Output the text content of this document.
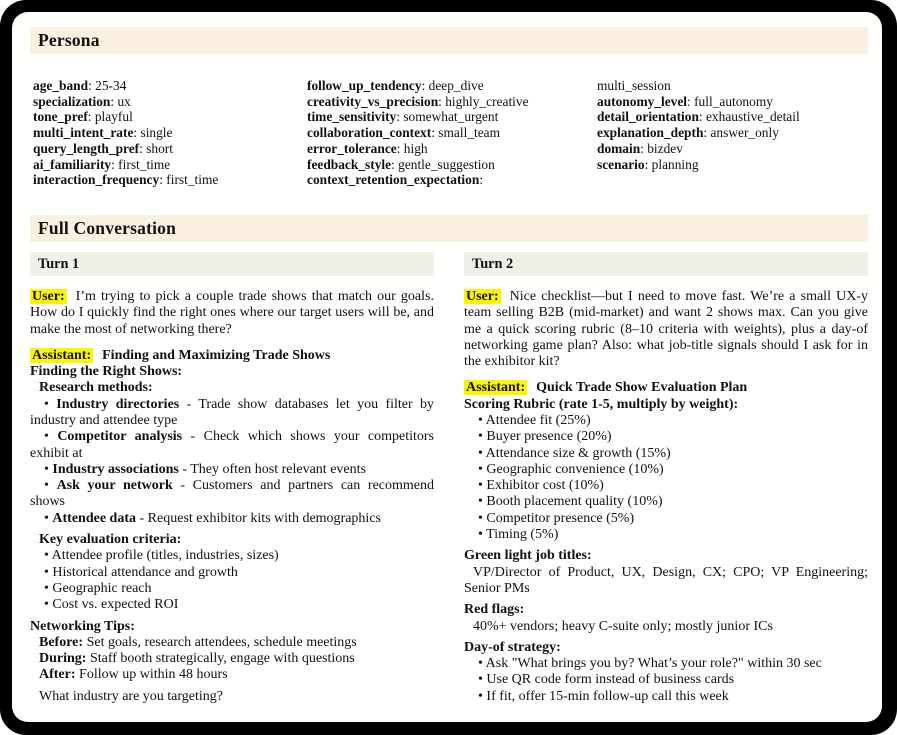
Persona

age_band: 25-34

specialization: ux

tone_pref: playful

multi_intent_rate: single

query_length_pref: short

ai_familiarity: first_time

interaction_frequency: first_time

follow_up_tendency: deep_dive

creativity_vs_precision: highly_creative

time_sensitivity: somewhat_urgent

collaboration_context: small_team

error_tolerance: high

feedback_style: gentle_suggestion

context_retention_expectation:

multi_session

autonomy_level: full_autonomy

detail_orientation: exhaustive_detail

explanation_depth: answer_only

domain: bizdev

scenario: planning

Full Conversation
Turn 1

User: I’m trying to pick a couple trade shows that match our goals. How do I quickly find the right ones where our target users will be, and make the most of networking there?

Assistant: Finding and Maximizing Trade Shows

Finding the Right Shows:

Research methods:

• Industry directories - Trade show databases let you filter by industry and attendee type

• Competitor analysis - Check which shows your competitors exhibit at

• Industry associations - They often host relevant events

• Ask your network - Customers and partners can recommend shows

• Attendee data - Request exhibitor kits with demographics

Key evaluation criteria:

• Attendee profile (titles, industries, sizes)

• Historical attendance and growth

• Geographic reach

• Cost vs. expected ROI

Networking Tips:

Before: Set goals, research attendees, schedule meetings

During: Staff booth strategically, engage with questions

After: Follow up within 48 hours

What industry are you targeting?

Turn 2

User: Nice checklist—but I need to move fast. We’re a small UX-y team selling B2B (mid-market) and want 2 shows max. Can you give me a quick scoring rubric (8–10 criteria with weights), plus a day-of networking game plan? Also: what job-title signals should I ask for in the exhibitor kit?

Assistant: Quick Trade Show Evaluation Plan

Scoring Rubric (rate 1-5, multiply by weight):

• Attendee fit (25%)

• Buyer presence (20%)

• Attendance size & growth (15%)

• Geographic convenience (10%)

• Exhibitor cost (10%)

• Booth placement quality (10%)

• Competitor presence (5%)

• Timing (5%)

Green light job titles:

VP/Director of Product, UX, Design, CX; CPO; VP Engineering; Senior PMs

Red flags:

40%+ vendors; heavy C-suite only; mostly junior ICs

Day-of strategy:

• Ask "What brings you by? What’s your role?" within 30 sec

• Use QR code form instead of business cards

• If fit, offer 15-min follow-up call this week
